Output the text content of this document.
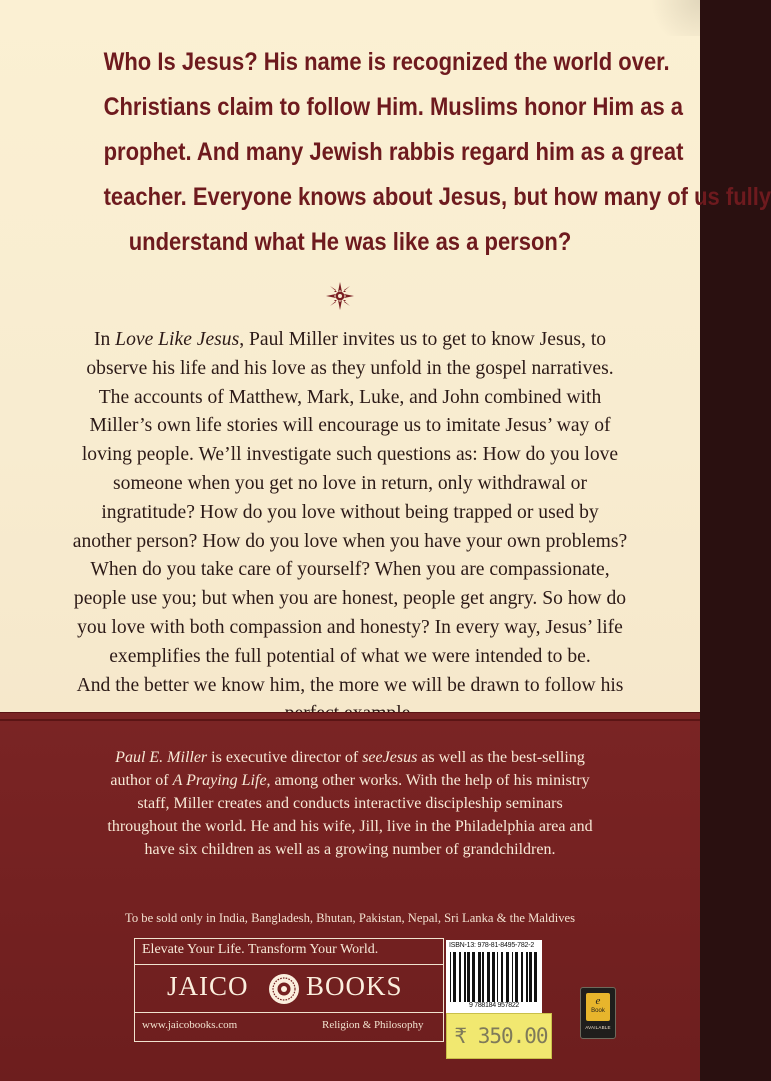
Who Is Jesus? His name is recognized the world over.
Christians claim to follow Him. Muslims honor Him as a
prophet. And many Jewish rabbis regard him as a great
teacher. Everyone knows about Jesus, but how many of us fully
understand what He was like as a person?
In Love Like Jesus, Paul Miller invites us to get to know Jesus, to
observe his life and his love as they unfold in the gospel narratives.
The accounts of Matthew, Mark, Luke, and John combined with
Miller’s own life stories will encourage us to imitate Jesus’ way of
loving people. We’ll investigate such questions as: How do you love
someone when you get no love in return, only withdrawal or
ingratitude? How do you love without being trapped or used by
another person? How do you love when you have your own problems?
When do you take care of yourself? When you are compassionate,
people use you; but when you are honest, people get angry. So how do
you love with both compassion and honesty? In every way, Jesus’ life
exemplifies the full potential of what we were intended to be.
And the better we know him, the more we will be drawn to follow his
Paul E. Miller is executive director of seeJesus as well as the best-selling
author of A Praying Life, among other works. With the help of his ministry
staff, Miller creates and conducts interactive discipleship seminars
throughout the world. He and his wife, Jill, live in the Philadelphia area and
have six children as well as a growing number of grandchildren.
To be sold only in India, Bangladesh, Bhutan, Pakistan, Nepal, Sri Lanka & the Maldives
Elevate Your Life. Transform Your World.
JAICO BOOKS
www.jaicobooks.com	Religion & Philosophy
ISBN-13: 978-81-8495-782-2
9 788184 957822
₹ 350.00
e
Book
AVAILABLE
